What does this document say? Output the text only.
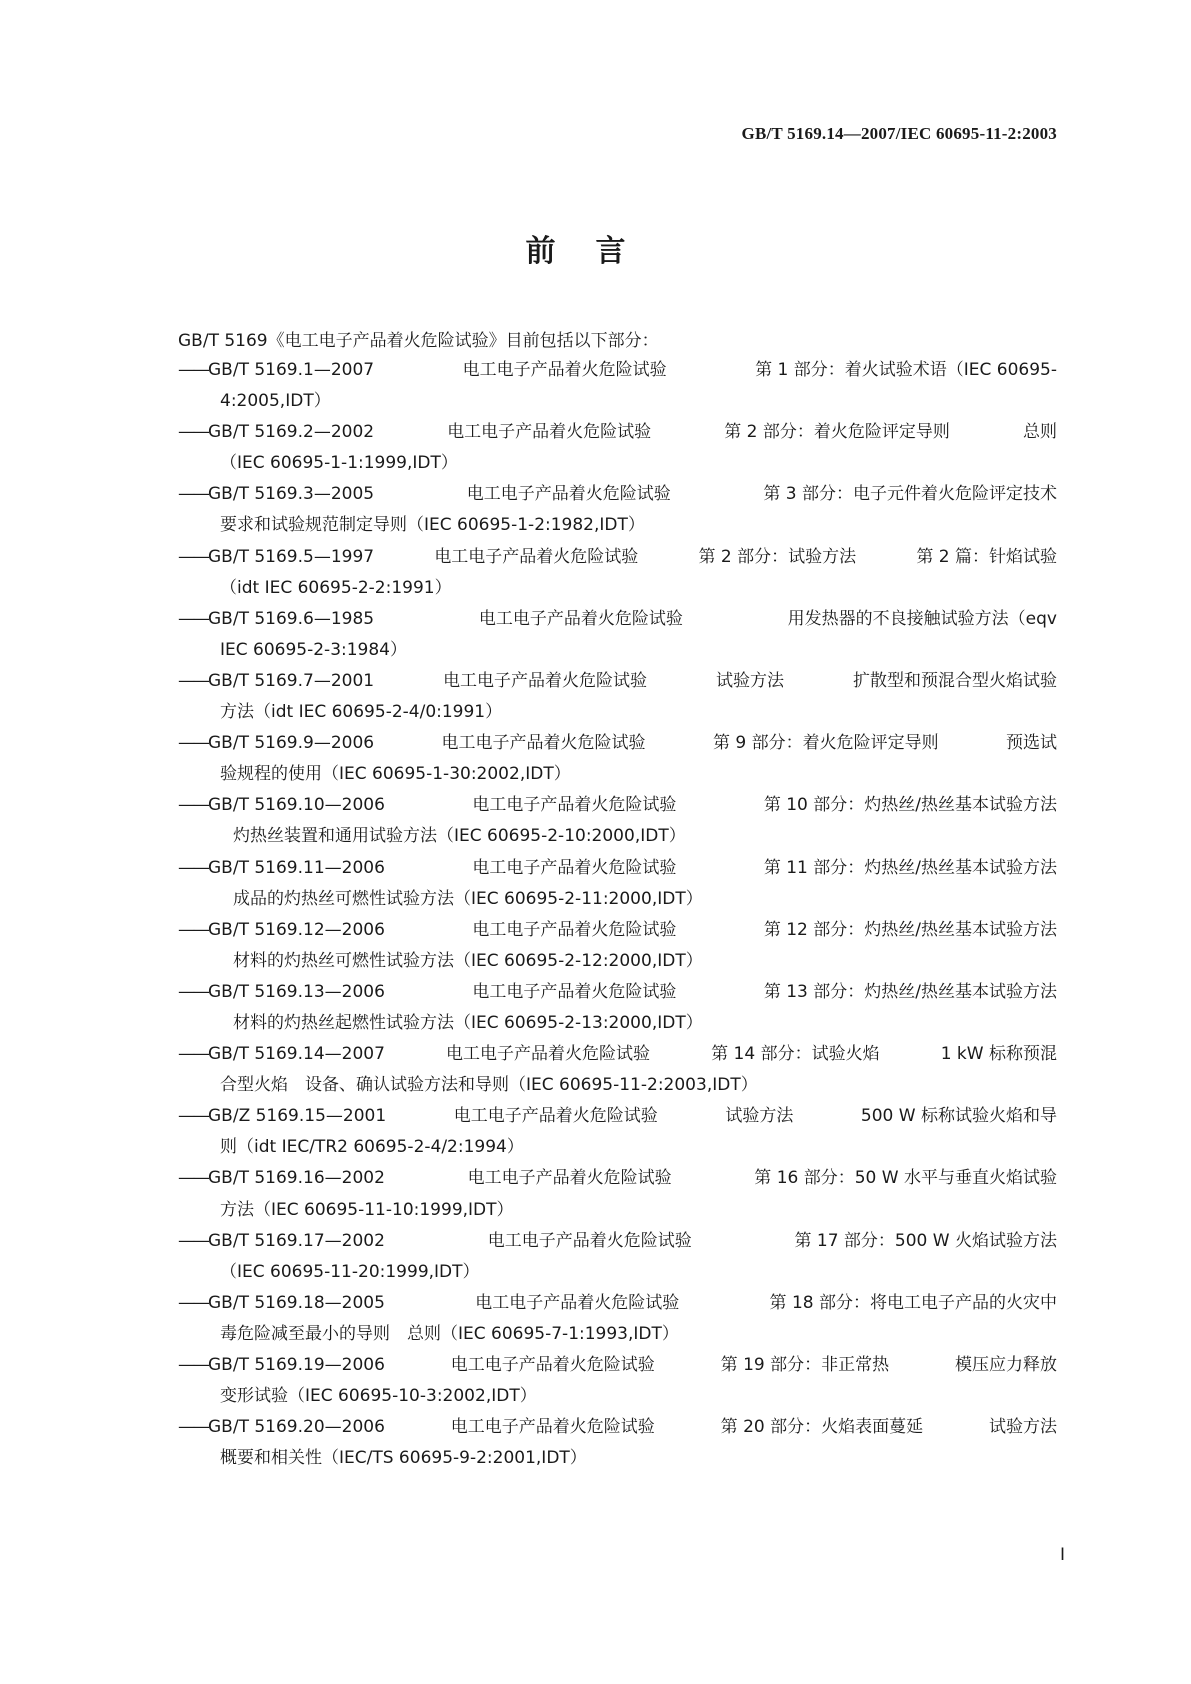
GB/T 5169.14—2007/IEC 60695-11-2:2003
前言
GB/T 5169《电工电子产品着火危险试验》目前包括以下部分：
——GB/T 5169.1—2007	电工电子产品着火危险试验	第 1 部分：着火试验术语（IEC 60695-
4:2005,IDT）
——GB/T 5169.2—2002	电工电子产品着火危险试验	第 2 部分：着火危险评定导则	总则
（IEC 60695-1-1:1999,IDT）
——GB/T 5169.3—2005	电工电子产品着火危险试验	第 3 部分：电子元件着火危险评定技术
要求和试验规范制定导则（IEC 60695-1-2:1982,IDT）
——GB/T 5169.5—1997	电工电子产品着火危险试验	第 2 部分：试验方法	第 2 篇：针焰试验
（idt IEC 60695-2-2:1991）
——GB/T 5169.6—1985	电工电子产品着火危险试验	用发热器的不良接触试验方法（eqv
IEC 60695-2-3:1984）
——GB/T 5169.7—2001	电工电子产品着火危险试验	试验方法	扩散型和预混合型火焰试验
方法（idt IEC 60695-2-4/0:1991）
——GB/T 5169.9—2006	电工电子产品着火危险试验	第 9 部分：着火危险评定导则	预选试
验规程的使用（IEC 60695-1-30:2002,IDT）
——GB/T 5169.10—2006	电工电子产品着火危险试验	第 10 部分：灼热丝/热丝基本试验方法
灼热丝装置和通用试验方法（IEC 60695-2-10:2000,IDT）
——GB/T 5169.11—2006	电工电子产品着火危险试验	第 11 部分：灼热丝/热丝基本试验方法
成品的灼热丝可燃性试验方法（IEC 60695-2-11:2000,IDT）
——GB/T 5169.12—2006	电工电子产品着火危险试验	第 12 部分：灼热丝/热丝基本试验方法
材料的灼热丝可燃性试验方法（IEC 60695-2-12:2000,IDT）
——GB/T 5169.13—2006	电工电子产品着火危险试验	第 13 部分：灼热丝/热丝基本试验方法
材料的灼热丝起燃性试验方法（IEC 60695-2-13:2000,IDT）
——GB/T 5169.14—2007	电工电子产品着火危险试验	第 14 部分：试验火焰	1 kW 标称预混
合型火焰　设备、确认试验方法和导则（IEC 60695-11-2:2003,IDT）
——GB/Z 5169.15—2001	电工电子产品着火危险试验	试验方法	500 W 标称试验火焰和导
则（idt IEC/TR2 60695-2-4/2:1994）
——GB/T 5169.16—2002	电工电子产品着火危险试验	第 16 部分：50 W 水平与垂直火焰试验
方法（IEC 60695-11-10:1999,IDT）
——GB/T 5169.17—2002	电工电子产品着火危险试验	第 17 部分：500 W 火焰试验方法
（IEC 60695-11-20:1999,IDT）
——GB/T 5169.18—2005	电工电子产品着火危险试验	第 18 部分：将电工电子产品的火灾中
毒危险减至最小的导则　总则（IEC 60695-7-1:1993,IDT）
——GB/T 5169.19—2006	电工电子产品着火危险试验	第 19 部分：非正常热	模压应力释放
变形试验（IEC 60695-10-3:2002,IDT）
——GB/T 5169.20—2006	电工电子产品着火危险试验	第 20 部分：火焰表面蔓延	试验方法
概要和相关性（IEC/TS 60695-9-2:2001,IDT）
Ⅰ
